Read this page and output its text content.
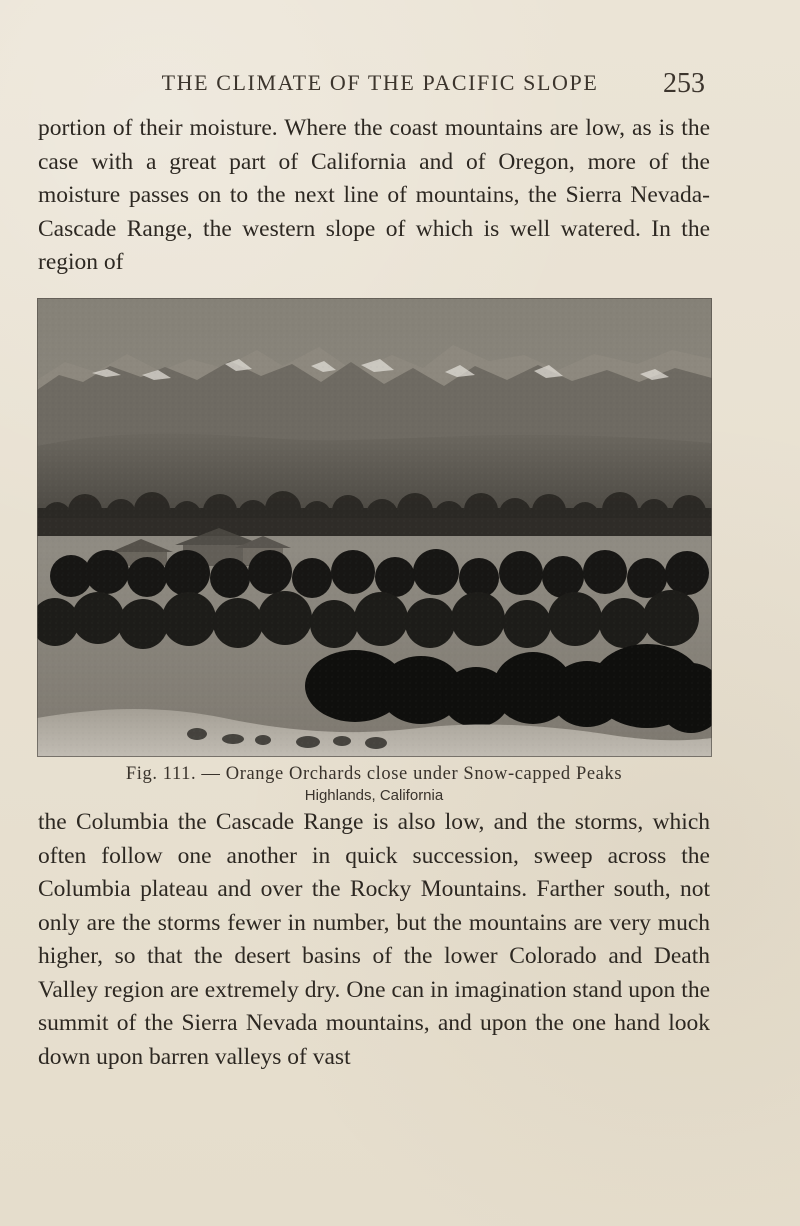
THE CLIMATE OF THE PACIFIC SLOPE	253
portion of their moisture. Where the coast mountains are low, as is the case with a great part of California and of Oregon, more of the moisture passes on to the next line of mountains, the Sierra Nevada-Cascade Range, the western slope of which is well watered. In the region of
Fig. 111. — Orange Orchards close under Snow-capped Peaks
Highlands, California
the Columbia the Cascade Range is also low, and the storms, which often follow one another in quick succession, sweep across the Columbia plateau and over the Rocky Mountains. Farther south, not only are the storms fewer in number, but the mountains are very much higher, so that the desert basins of the lower Colorado and Death Valley region are extremely dry. One can in imagination stand upon the summit of the Sierra Nevada mountains, and upon the one hand look down upon barren valleys of vast
